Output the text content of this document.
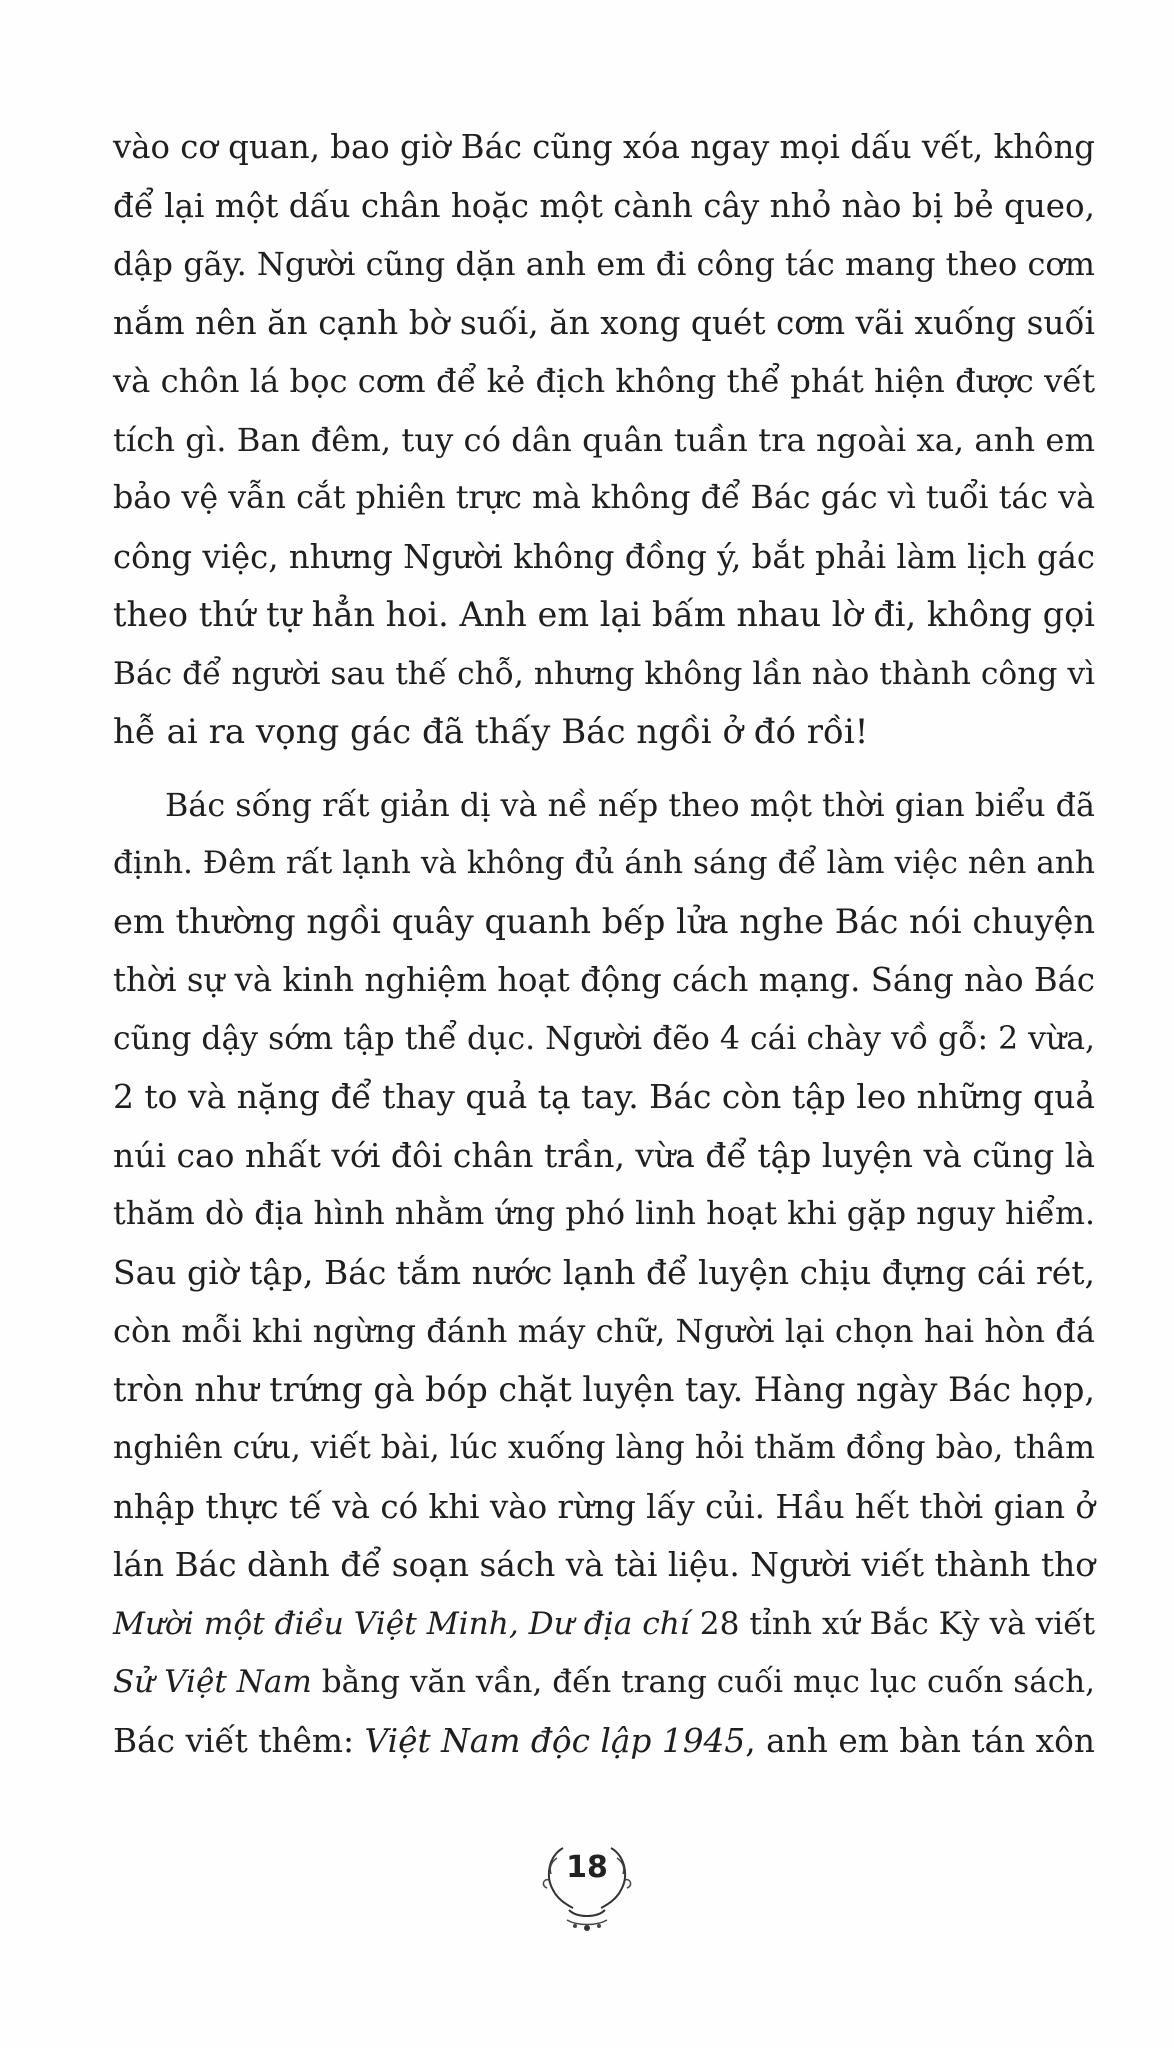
vào cơ quan, bao giờ Bác cũng xóa ngay mọi dấu vết, không
để lại một dấu chân hoặc một cành cây nhỏ nào bị bẻ queo,
dập gãy. Người cũng dặn anh em đi công tác mang theo cơm
nắm nên ăn cạnh bờ suối, ăn xong quét cơm vãi xuống suối
và chôn lá bọc cơm để kẻ địch không thể phát hiện được vết
tích gì. Ban đêm, tuy có dân quân tuần tra ngoài xa, anh em
bảo vệ vẫn cắt phiên trực mà không để Bác gác vì tuổi tác và
công việc, nhưng Người không đồng ý, bắt phải làm lịch gác
theo thứ tự hẳn hoi. Anh em lại bấm nhau lờ đi, không gọi
Bác để người sau thế chỗ, nhưng không lần nào thành công vì
hễ ai ra vọng gác đã thấy Bác ngồi ở đó rồi!
Bác sống rất giản dị và nề nếp theo một thời gian biểu đã
định. Đêm rất lạnh và không đủ ánh sáng để làm việc nên anh
em thường ngồi quây quanh bếp lửa nghe Bác nói chuyện
thời sự và kinh nghiệm hoạt động cách mạng. Sáng nào Bác
cũng dậy sớm tập thể dục. Người đẽo 4 cái chày vồ gỗ: 2 vừa,
2 to và nặng để thay quả tạ tay. Bác còn tập leo những quả
núi cao nhất với đôi chân trần, vừa để tập luyện và cũng là
thăm dò địa hình nhằm ứng phó linh hoạt khi gặp nguy hiểm.
Sau giờ tập, Bác tắm nước lạnh để luyện chịu đựng cái rét,
còn mỗi khi ngừng đánh máy chữ, Người lại chọn hai hòn đá
tròn như trứng gà bóp chặt luyện tay. Hàng ngày Bác họp,
nghiên cứu, viết bài, lúc xuống làng hỏi thăm đồng bào, thâm
nhập thực tế và có khi vào rừng lấy củi. Hầu hết thời gian ở
lán Bác dành để soạn sách và tài liệu. Người viết thành thơ
Mười một điều Việt Minh, Dư địa chí 28 tỉnh xứ Bắc Kỳ và viết
Sử Việt Nam bằng văn vần, đến trang cuối mục lục cuốn sách,
Bác viết thêm: Việt Nam độc lập 1945, anh em bàn tán xôn
18
